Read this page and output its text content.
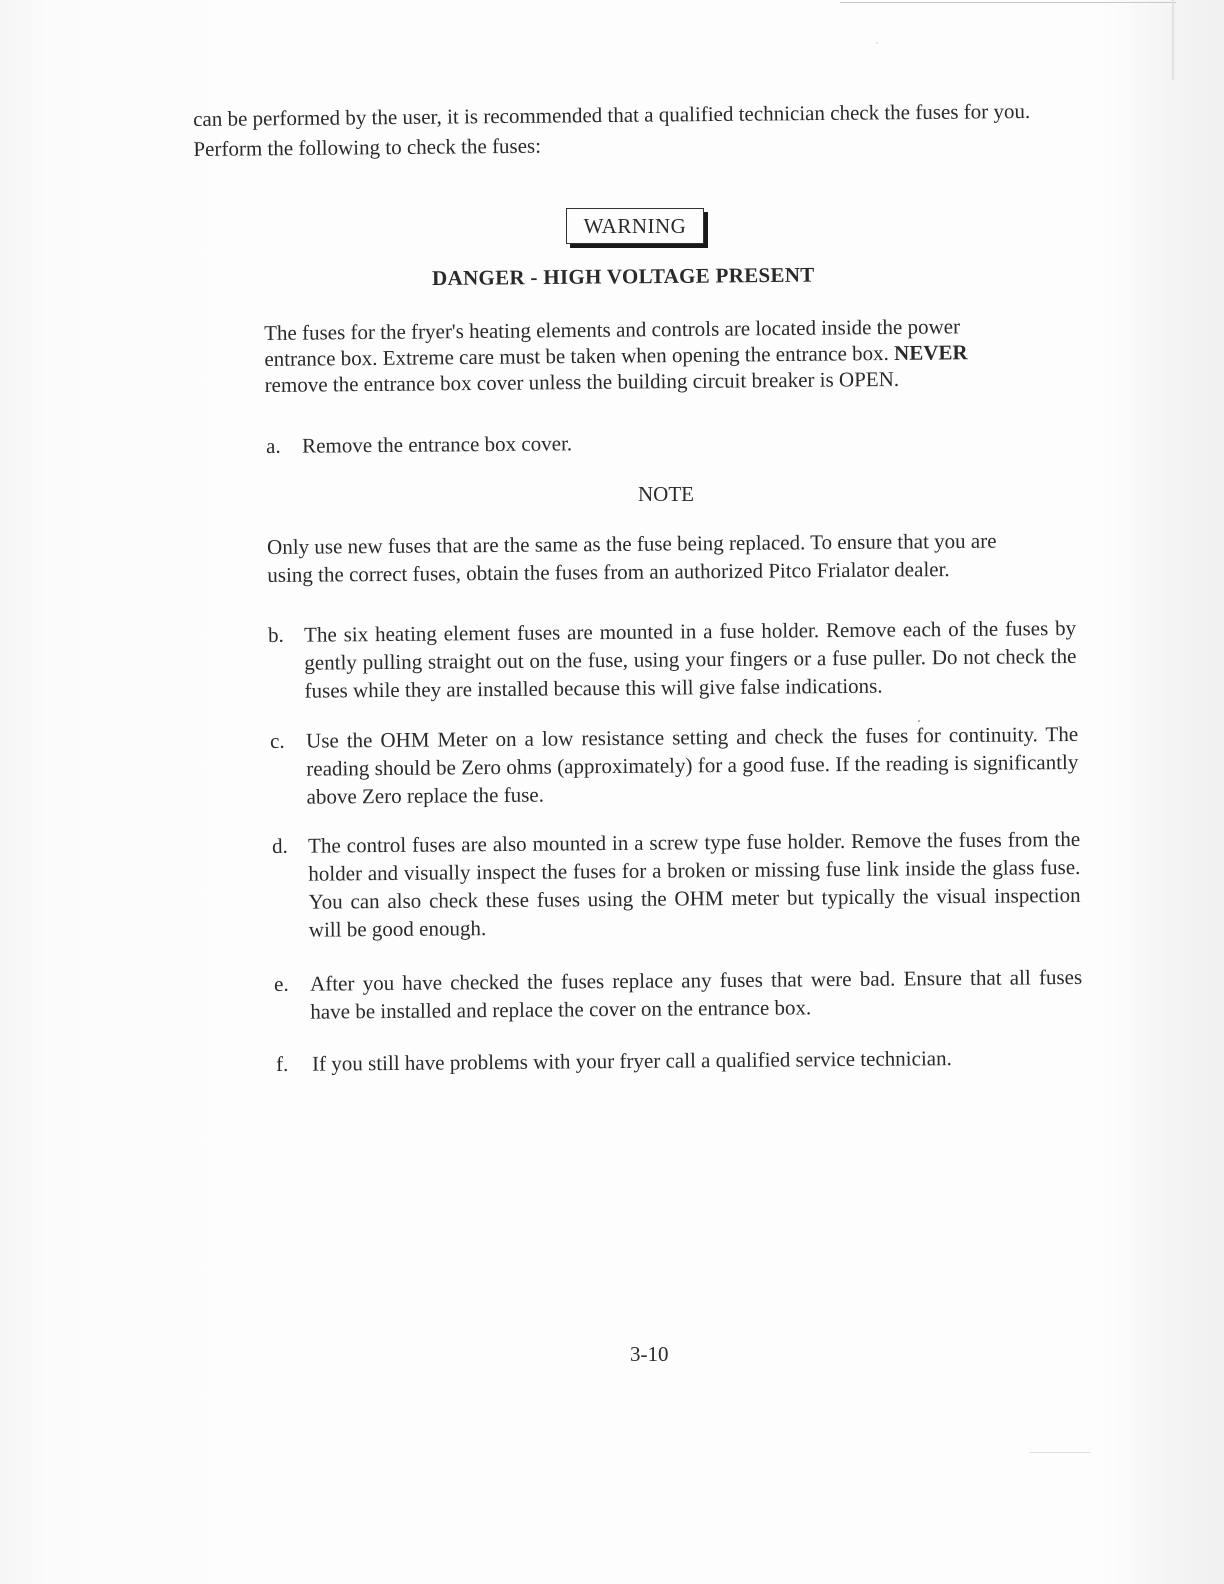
can be performed by the user, it is recommended that a qualified technician check the fuses for you.
Perform the following to check the fuses:
WARNING
DANGER - HIGH VOLTAGE PRESENT
The fuses for the fryer's heating elements and controls are located inside the power entrance box. Extreme care must be taken when opening the entrance box. NEVER remove the entrance box cover unless the building circuit breaker is OPEN.
a.	Remove the entrance box cover.
NOTE
Only use new fuses that are the same as the fuse being replaced. To ensure that you are using the correct fuses, obtain the fuses from an authorized Pitco Frialator dealer.
b. The six heating element fuses are mounted in a fuse holder. Remove each of the fuses by gently pulling straight out on the fuse, using your fingers or a fuse puller. Do not check the fuses while they are installed because this will give false indications.
c.	Use the OHM Meter on a low resistance setting and check the fuses for continuity. The reading should be Zero ohms (approximately) for a good fuse. If the reading is significantly above Zero replace the fuse.
d. The control fuses are also mounted in a screw type fuse holder. Remove the fuses from the holder and visually inspect the fuses for a broken or missing fuse link inside the glass fuse. You can also check these fuses using the OHM meter but typically the visual inspection will be good enough.
e.	After you have checked the fuses replace any fuses that were bad. Ensure that all fuses have be installed and replace the cover on the entrance box.
f.	If you still have problems with your fryer call a qualified service technician.
3-10
